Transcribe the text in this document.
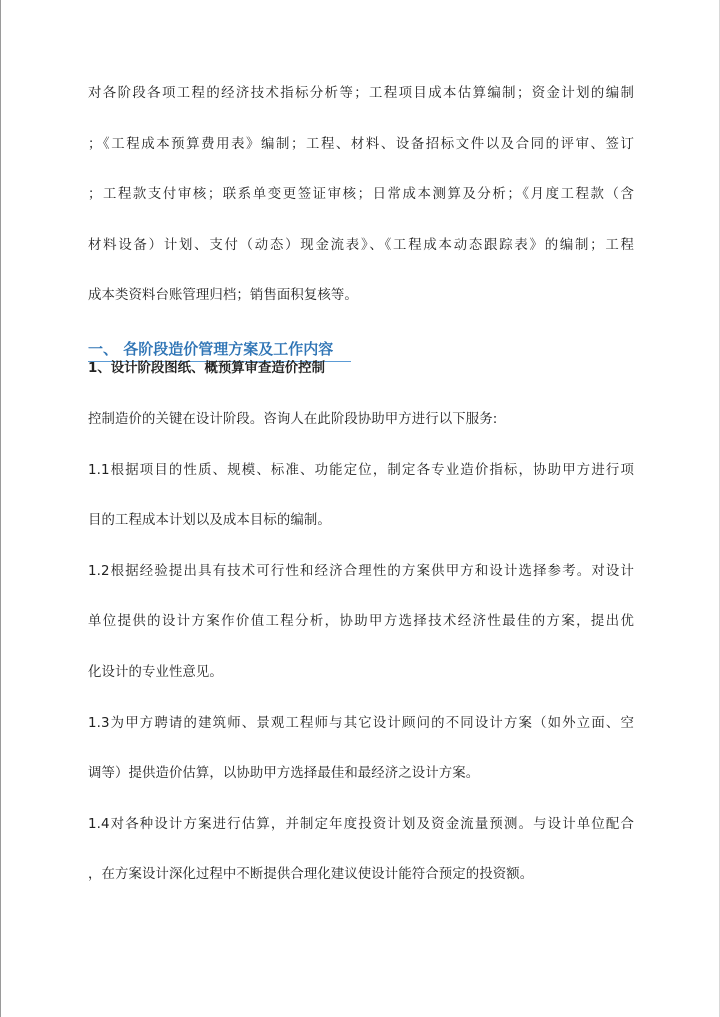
对各阶段各项工程的经济技术指标分析等；工程项目成本估算编制；资金计划的编制
；《工程成本预算费用表》编制；工程、材料、设备招标文件以及合同的评审、签订
；工程款支付审核；联系单变更签证审核；日常成本测算及分析；《月度工程款（含
材料设备）计划、支付（动态）现金流表》、《工程成本动态跟踪表》的编制；工程
成本类资料台账管理归档；销售面积复核等。
一、 各阶段造价管理方案及工作内容
1、设计阶段图纸、概预算审查造价控制
控制造价的关键在设计阶段。咨询人在此阶段协助甲方进行以下服务:
1.1根据项目的性质、规模、标准、功能定位，制定各专业造价指标，协助甲方进行项
目的工程成本计划以及成本目标的编制。
1.2根据经验提出具有技术可行性和经济合理性的方案供甲方和设计选择参考。对设计
单位提供的设计方案作价值工程分析，协助甲方选择技术经济性最佳的方案，提出优
化设计的专业性意见。
1.3为甲方聘请的建筑师、景观工程师与其它设计顾问的不同设计方案（如外立面、空
调等）提供造价估算，以协助甲方选择最佳和最经济之设计方案。
1.4对各种设计方案进行估算，并制定年度投资计划及资金流量预测。与设计单位配合
，在方案设计深化过程中不断提供合理化建议使设计能符合预定的投资额。
